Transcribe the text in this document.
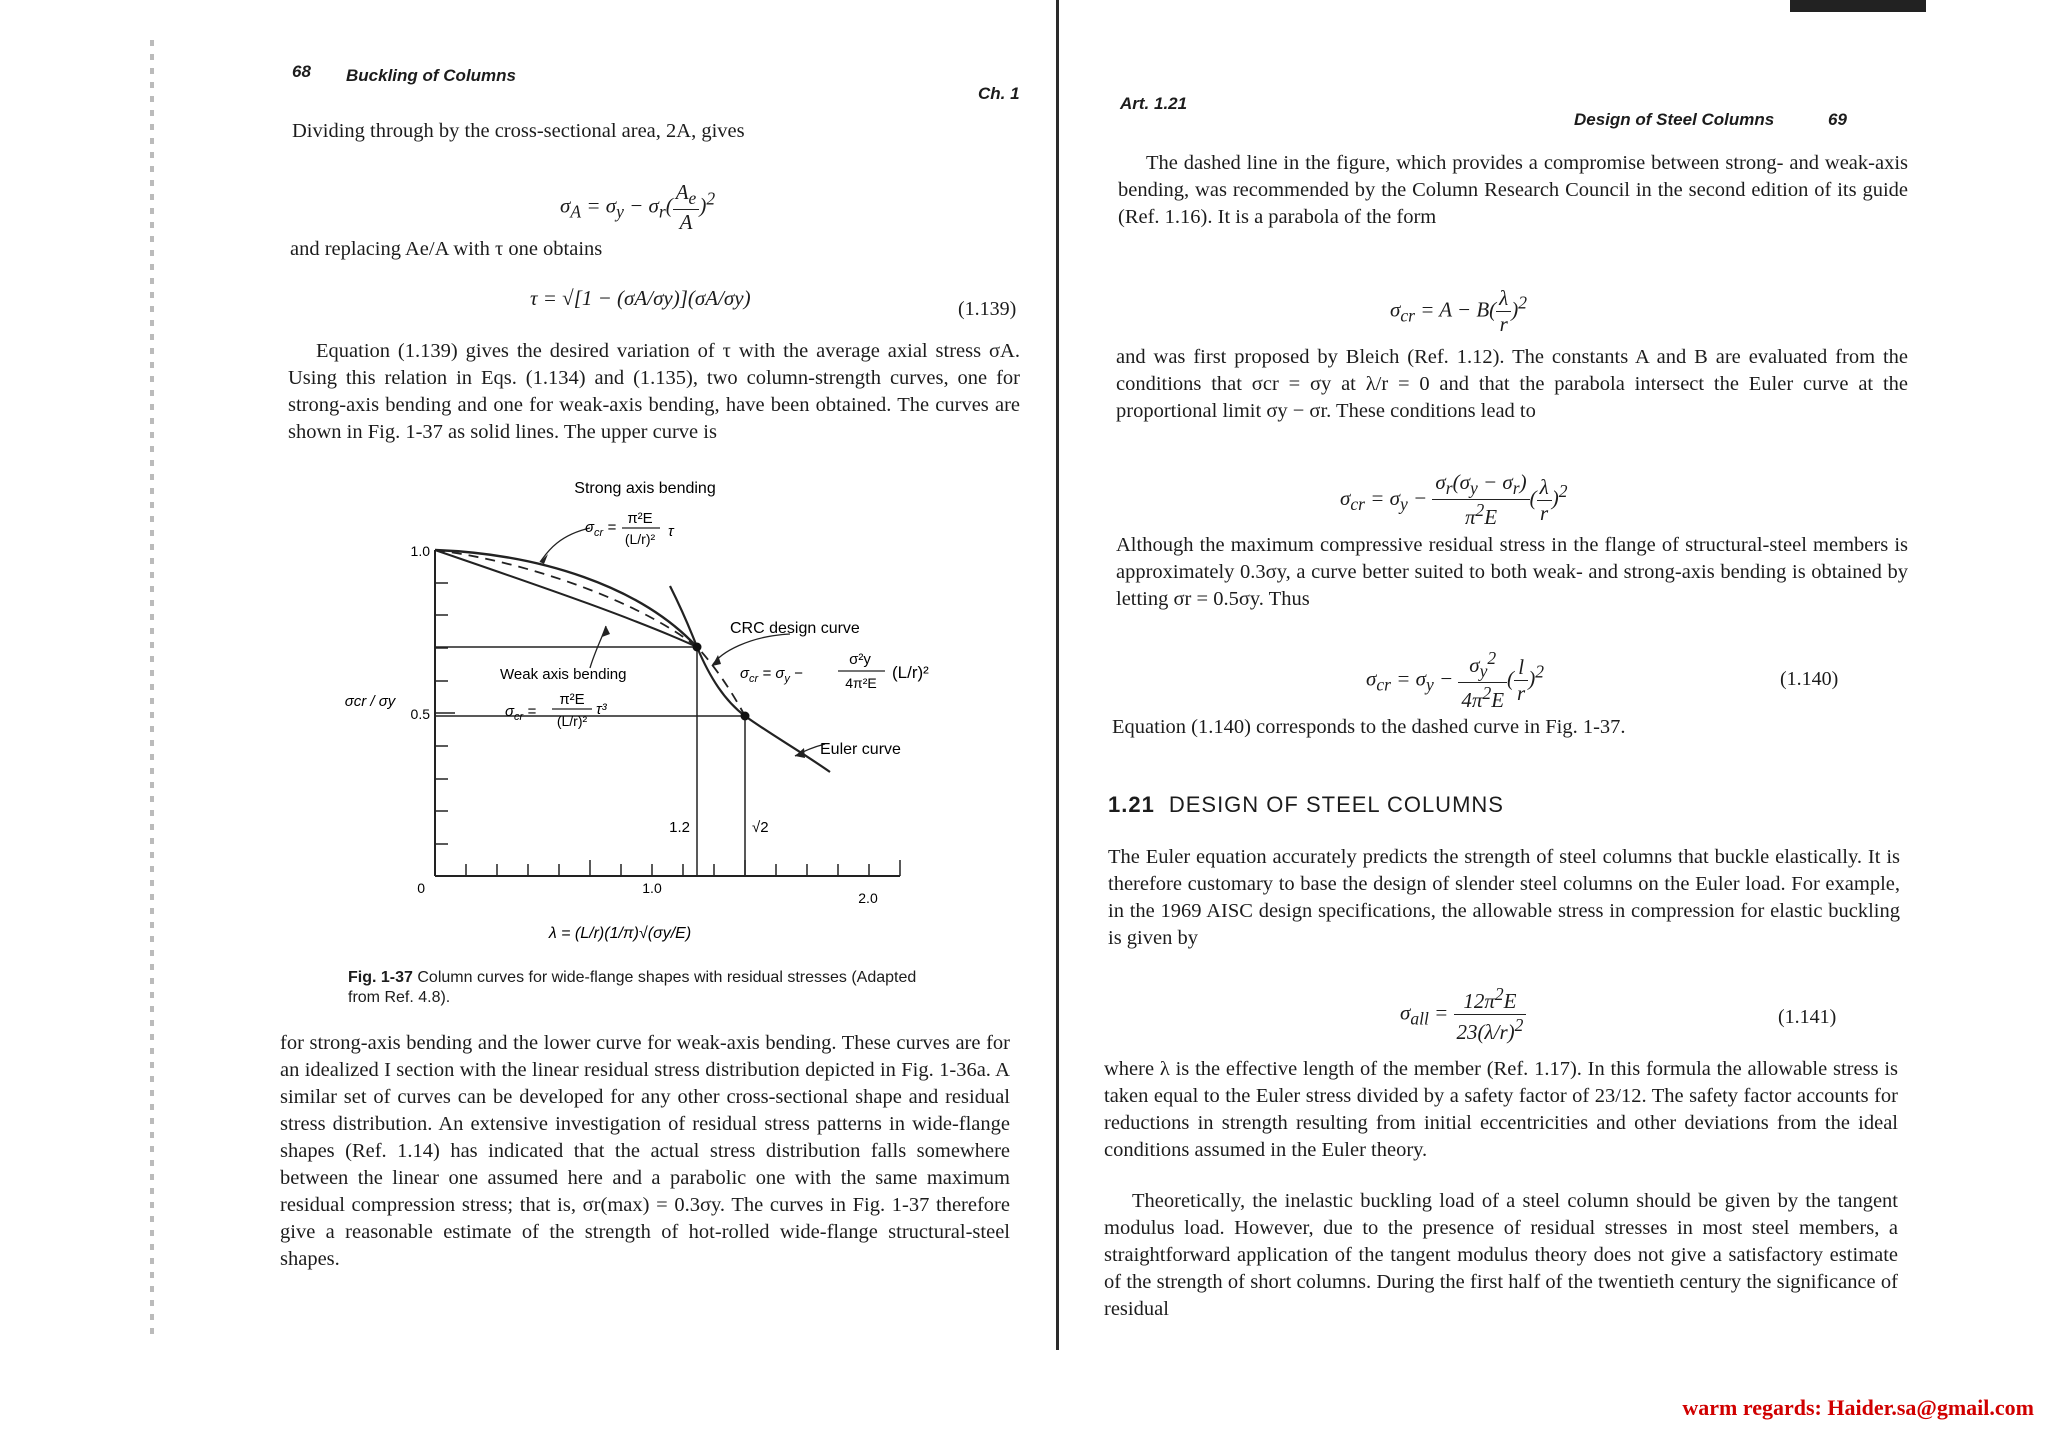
68 Buckling of Columns
Ch. 1

Dividing through by the cross-sectional area, 2A, gives

$\sigma_A = \sigma_y - \sigma_r( \frac{A_e}{A} )^2$

and replacing Ae/A with τ one obtains

τ = √[1 − (σA/σy)](σA/σy)	(1.139)

Equation (1.139) gives the desired variation of τ with the average axial stress σA. Using this relation in Eqs. (1.134) and (1.135), two column-strength curves, one for strong-axis bending and one for weak-axis bending, have been obtained. The curves are shown in Fig. 1-37 as solid lines. The upper curve is

Strong axis bending
$\sigma_{cr}$ =
π²E
(L/r)² τ
CRC design curve
$\sigma_{cr} = \sigma_y$ −
σ²y
4π²E
(L/r)²
Weak axis bending
$\sigma_{cr}$ =
π²E
(L/r)²
τ³
Euler curve
1.0
0.5
0	1.0
2.0
1.2	√2
σcr / σy
λ = (L/r)(1/π)√(σy/E)
Fig. 1-37 Column curves for wide-flange shapes with residual stresses (Adapted from Ref. 4.8).

for strong-axis bending and the lower curve for weak-axis bending. These curves are for an idealized I section with the linear residual stress distribution depicted in Fig. 1-36a. A similar set of curves can be developed for any other cross-sectional shape and residual stress distribution. An extensive investigation of residual stress patterns in wide-flange shapes (Ref. 1.14) has indicated that the actual stress distribution falls somewhere between the linear one assumed here and a parabolic one with the same maximum residual compression stress; that is, σr(max) = 0.3σy. The curves in Fig. 1-37 therefore give a reasonable estimate of the strength of hot-rolled wide-flange structural-steel shapes.

Art. 1.21
Design of Steel Columns	69

The dashed line in the figure, which provides a compromise between strong- and weak-axis bending, was recommended by the Column Research Council in the second edition of its guide (Ref. 1.16). It is a parabola of the form

$\sigma_{cr} = A - B( \frac{\lambda}{r} )^2$

and was first proposed by Bleich (Ref. 1.12). The constants A and B are evaluated from the conditions that σcr = σy at λ/r = 0 and that the parabola intersect the Euler curve at the proportional limit σy − σr. These conditions lead to

$\sigma_{cr} = \sigma_y - \frac{\sigma_r(\sigma_y - \sigma_r)}{\pi^2E}$ ( $\frac{\lambda}{r} )^2$

Although the maximum compressive residual stress in the flange of structural-steel members is approximately 0.3σy, a curve better suited to both weak- and strong-axis bending is obtained by letting σr = 0.5σy. Thus

$\sigma_{cr} = \sigma_y - \frac{\sigma_y^2}{4\pi^2E}$ ( $\frac{l}{r} )^2$	(1.140)

Equation (1.140) corresponds to the dashed curve in Fig. 1-37.

1.21 DESIGN OF STEEL COLUMNS

The Euler equation accurately predicts the strength of steel columns that buckle elastically. It is therefore customary to base the design of slender steel columns on the Euler load. For example, in the 1969 AISC design specifications, the allowable stress in compression for elastic buckling is given by

$\sigma_{all} = \frac{12\pi^2E}{23(\lambda/r)^2}$	(1.141)

where λ is the effective length of the member (Ref. 1.17). In this formula the allowable stress is taken equal to the Euler stress divided by a safety factor of 23/12. The safety factor accounts for reductions in strength resulting from initial eccentricities and other deviations from the ideal conditions assumed in the Euler theory.

Theoretically, the inelastic buckling load of a steel column should be given by the tangent modulus load. However, due to the presence of residual stresses in most steel members, a straightforward application of the tangent modulus theory does not give a satisfactory estimate of the strength of short columns. During the first half of the twentieth century the significance of residual

warm regards: Haider.sa@gmail.com
